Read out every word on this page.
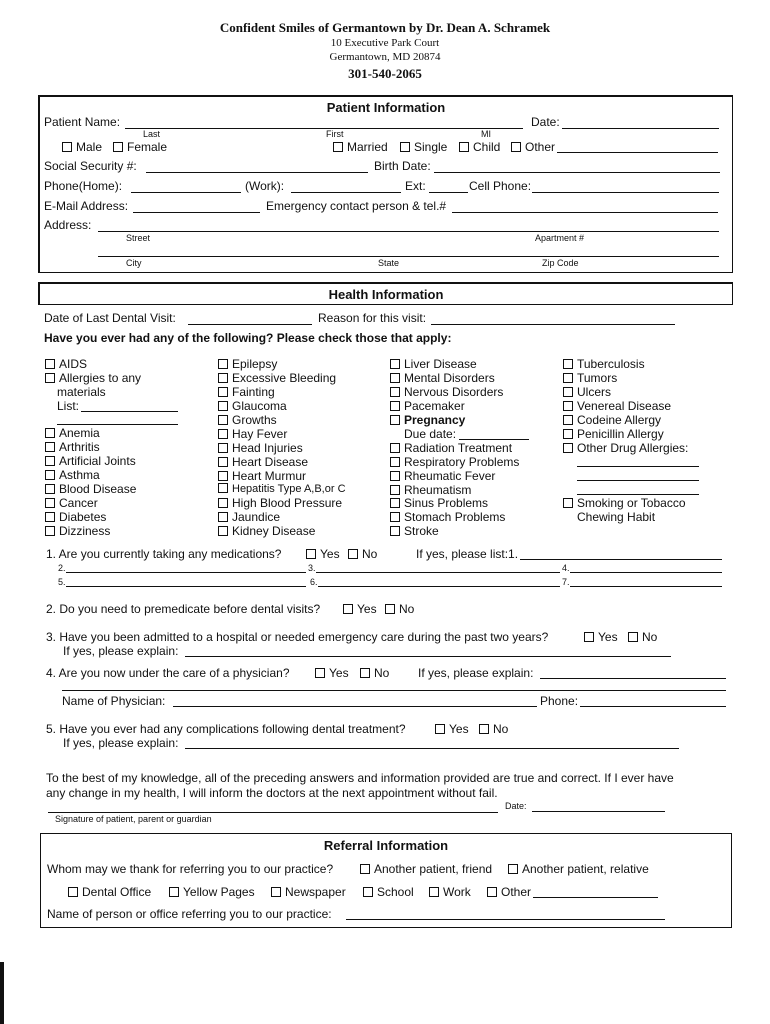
Confident Smiles of Germantown by Dr. Dean A. Schramek
10 Executive Park Court
Germantown, MD 20874
301-540-2065
Patient Information
Patient Name:	Date:
Last	First	MI
Male	Female	Married	Single	Child	Other
Social Security #:	Birth Date:
Phone(Home):	(Work):	Ext:	Cell Phone:
E-Mail Address:	Emergency contact person & tel.#
Address:
Street	Apartment #
City	State	Zip Code
Health Information
Date of Last Dental Visit:	Reason for this visit:
Have you ever had any of the following? Please check those that apply:
AIDS
Allergies to any
materials
List:
Anemia
Arthritis
Artificial Joints
Asthma
Blood Disease
Cancer
Diabetes
Dizziness
Epilepsy
Excessive Bleeding
Fainting
Glaucoma
Growths
Hay Fever
Head Injuries
Heart Disease
Heart Murmur
Hepatitis Type A,B,or C
High Blood Pressure
Jaundice
Kidney Disease
Liver Disease
Mental Disorders
Nervous Disorders
Pacemaker
Pregnancy
Due date:
Radiation Treatment
Respiratory Problems
Rheumatic Fever
Rheumatism
Sinus Problems
Stomach Problems
Stroke
Tuberculosis
Tumors
Ulcers
Venereal Disease
Codeine Allergy
Penicillin Allergy
Other Drug Allergies:
Smoking or Tobacco
Chewing Habit
1. Are you currently taking any medications?	Yes	No	If yes, please list:1.
2.	3.	4.
5.	6.	7.
2. Do you need to premedicate before dental visits?	Yes	No
3. Have you been admitted to a hospital or needed emergency care during the past two years?	Yes	No
If yes, please explain:
4. Are you now under the care of a physician?	Yes	No If yes, please explain:
Name of Physician:	Phone:
5. Have you ever had any complications following dental treatment?	Yes	No
If yes, please explain:
To the best of my knowledge, all of the preceding answers and information provided are true and correct. If I ever have
any change in my health, I will inform the doctors at the next appointment without fail.
Date:
Signature of patient, parent or guardian
Referral Information
Whom may we thank for referring you to our practice?	Another patient, friend	Another patient, relative
Dental Office	Yellow Pages	Newspaper	School	Work	Other
Name of person or office referring you to our practice:
